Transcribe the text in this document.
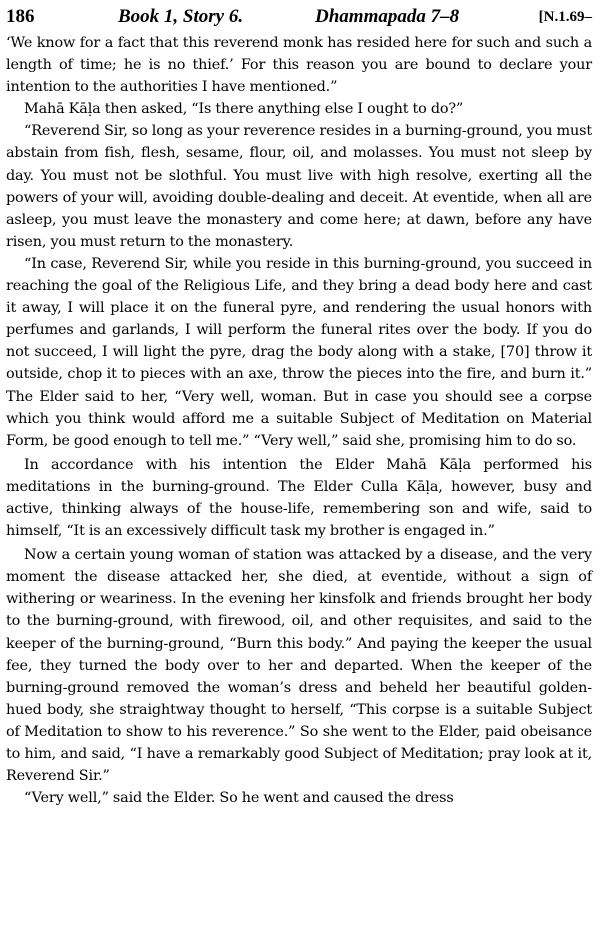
186	Book 1, Story 6.	Dhammapada 7–8	[N.1.69–

‘We know for a fact that this reverend monk has resided here for such and such a length of time; he is no thief.’ For this reason you are bound to declare your intention to the authorities I have mentioned.”

Mahā Kāḷa then asked, “Is there anything else I ought to do?”

“Reverend Sir, so long as your reverence resides in a burning-ground, you must abstain from fish, flesh, sesame, flour, oil, and molasses. You must not sleep by day. You must not be slothful. You must live with high resolve, exerting all the powers of your will, avoiding double-dealing and deceit. At eventide, when all are asleep, you must leave the monastery and come here; at dawn, before any have risen, you must return to the monastery.

“In case, Reverend Sir, while you reside in this burning-ground, you succeed in reaching the goal of the Religious Life, and they bring a dead body here and cast it away, I will place it on the funeral pyre, and rendering the usual honors with perfumes and garlands, I will perform the funeral rites over the body. If you do not succeed, I will light the pyre, drag the body along with a stake, [70] throw it outside, chop it to pieces with an axe, throw the pieces into the fire, and burn it.” The Elder said to her, “Very well, woman. But in case you should see a corpse which you think would afford me a suitable Subject of Meditation on Material Form, be good enough to tell me.” “Very well,” said she, promising him to do so.

In accordance with his intention the Elder Mahā Kāḷa performed his meditations in the burning-ground. The Elder Culla Kāḷa, however, busy and active, thinking always of the house-life, remembering son and wife, said to himself, “It is an excessively difficult task my brother is engaged in.”

Now a certain young woman of station was attacked by a disease, and the very moment the disease attacked her, she died, at eventide, without a sign of withering or weariness. In the evening her kinsfolk and friends brought her body to the burning-ground, with firewood, oil, and other requisites, and said to the keeper of the burning-ground, “Burn this body.” And paying the keeper the usual fee, they turned the body over to her and departed. When the keeper of the burning-ground removed the woman’s dress and beheld her beautiful golden-hued body, she straightway thought to herself, “This corpse is a suitable Subject of Meditation to show to his reverence.” So she went to the Elder, paid obeisance to him, and said, “I have a remarkably good Subject of Meditation; pray look at it, Reverend Sir.”

“Very well,” said the Elder. So he went and caused the dress
